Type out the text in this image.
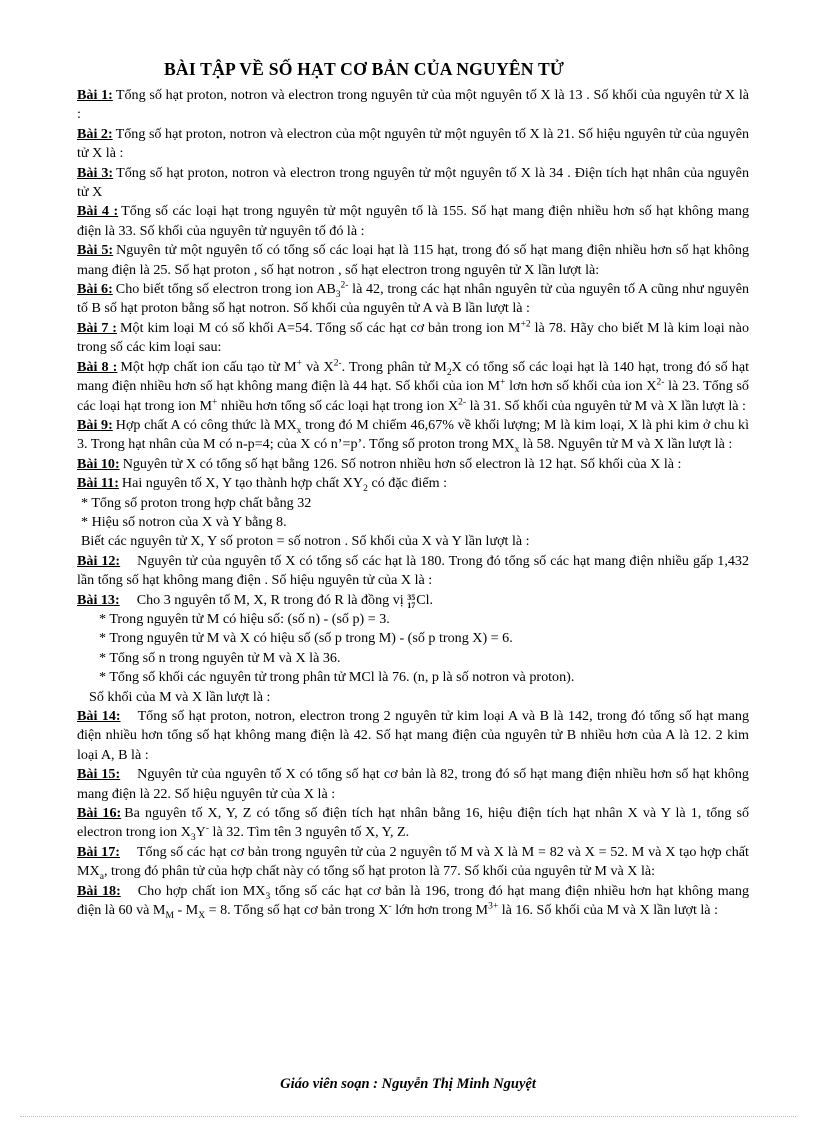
BÀI TẬP VỀ SỐ HẠT CƠ BẢN CỦA NGUYÊN TỬ

Bài 1: Tổng số hạt proton, notron và electron trong nguyên tử của một nguyên tố X là 13 . Số khối của nguyên tử X là :

Bài 2: Tổng số hạt proton, notron và electron của một nguyên tử một nguyên tố X là 21. Số hiệu nguyên tử của nguyên tử X là :

Bài 3: Tổng số hạt proton, notron và electron trong nguyên tử một nguyên tố X là 34 . Điện tích hạt nhân của nguyên tử X

Bài 4 : Tổng số các loại hạt trong nguyên tử một nguyên tố là 155. Số hạt mang điện nhiều hơn số hạt không mang điện là 33. Số khối của nguyên tử nguyên tố đó là :

Bài 5: Nguyên tử một nguyên tố có tổng số các loại hạt là 115 hạt, trong đó số hạt mang điện nhiều hơn số hạt không mang điện là 25. Số hạt proton , số hạt notron , số hạt electron trong nguyên tử X lần lượt là:

Bài 6: Cho biết tổng số electron trong ion $AB_3^{2-}$ là 42, trong các hạt nhân nguyên tử của nguyên tố A cũng như nguyên tố B số hạt proton bằng số hạt notron. Số khối của nguyên tử A và B lần lượt là :

Bài 7 : Một kim loại M có số khối A=54. Tổng số các hạt cơ bản trong ion $M^{+2}$ là 78. Hãy cho biết M là kim loại nào trong số các kim loại sau:

Bài 8 : Một hợp chất ion cấu tạo từ M+ và $X^{2-}$. Trong phân tử $M_2X$ có tổng số các loại hạt là 140 hạt, trong đó số hạt mang điện nhiều hơn số hạt không mang điện là 44 hạt. Số khối của ion M+ lơn hơn số khối của ion $X^{2-}$ là 23. Tổng số các loại hạt trong ion M+ nhiều hơn tổng số các loại hạt trong ion $X^{2-}$ là 31. Số khối của nguyên tử M và X lần lượt là :

Bài 9: Hợp chất A có công thức là $MX_x$ trong đó M chiếm 46,67% về khối lượng; M là kim loại, X là phi kim ở chu kì 3. Trong hạt nhân của M có n-p=4; của X có n’=p’. Tổng số proton trong $MX_x$ là 58. Nguyên tử M và X lần lượt là :

Bài 10: Nguyên tử X có tổng số hạt bằng 126. Số notron nhiều hơn số electron là 12 hạt. Số khối của X là :

Bài 11: Hai nguyên tố X, Y tạo thành hợp chất $XY_2$ có đặc điểm :

* Tổng số proton trong hợp chất bằng 32

* Hiệu số notron của X và Y bằng 8.

Biết các nguyên tử X, Y số proton = số notron . Số khối của X và Y lần lượt là :

Bài 12: Nguyên tử của nguyên tố X có tổng số các hạt là 180. Trong đó tổng số các hạt mang điện nhiều gấp 1,432 lần tổng số hạt không mang điện . Số hiệu nguyên tử của X là :

Bài 13: Cho 3 nguyên tố M, X, R trong đó R là đồng vị 35
17 Cl.

* Trong nguyên tử M có hiệu số: (số n) - (số p) = 3.

* Trong nguyên tử M và X có hiệu số (số p trong M) - (số p trong X) = 6.

* Tổng số n trong nguyên tử M và X là 36.

* Tổng số khối các nguyên tử trong phân tử MCl là 76. (n, p là số notron và proton).

Số khối của M và X lần lượt là :

Bài 14: Tổng số hạt proton, notron, electron trong 2 nguyên tử kim loại A và B là 142, trong đó tổng số hạt mang điện nhiều hơn tổng số hạt không mang điện là 42. Số hạt mang điện của nguyên tử B nhiều hơn của A là 12. 2 kim loại A, B là :

Bài 15: Nguyên tử của nguyên tố X có tổng số hạt cơ bản là 82, trong đó số hạt mang điện nhiều hơn số hạt không mang điện là 22. Số hiệu nguyên tử của X là :

Bài 16: Ba nguyên tố X, Y, Z có tổng số điện tích hạt nhân bằng 16, hiệu điện tích hạt nhân X và Y là 1, tổng số electron trong ion $X_3Y^-$ là 32. Tìm tên 3 nguyên tố X, Y, Z.

Bài 17: Tổng số các hạt cơ bản trong nguyên tử của 2 nguyên tố M và X là M = 82 và X = 52. M và X tạo hợp chất $MX_a$, trong đó phân tử của hợp chất này có tổng số hạt proton là 77. Số khối của nguyên tử M và X là:

Bài 18: Cho hợp chất ion $MX_3$ tổng số các hạt cơ bản là 196, trong đó hạt mang điện nhiều hơn hạt không mang điện là 60 và $M_M - M_X = 8$. Tổng số hạt cơ bản trong X- lớn hơn trong $M^{3+}$ là 16. Số khối của M và X lần lượt là :

Giáo viên soạn : Nguyễn Thị Minh Nguyệt
